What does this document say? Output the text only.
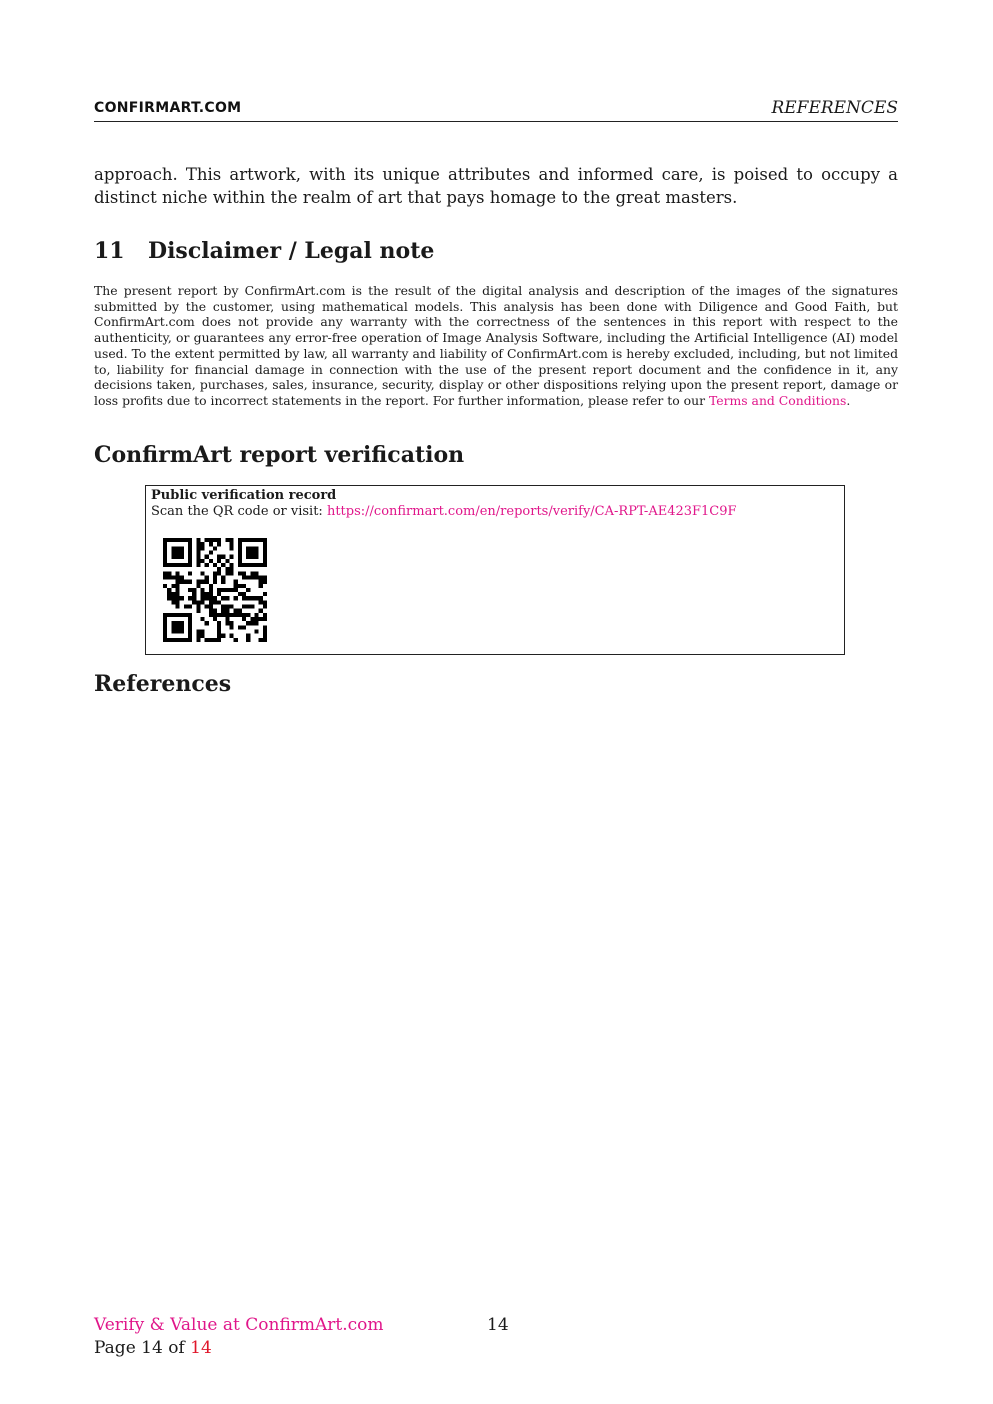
CONFIRMART.COM	REFERENCES
approach. This artwork, with its unique attributes and informed care, is poised to occupy a distinct niche within the realm of art that pays homage to the great masters.
11 Disclaimer / Legal note
The present report by ConfirmArt.com is the result of the digital analysis and description of the images of the signatures submitted by the customer, using mathematical models. This analysis has been done with Diligence and Good Faith, but ConfirmArt.com does not provide any warranty with the correctness of the sentences in this report with respect to the authenticity, or guarantees any error-free operation of Image Analysis Software, including the Artificial Intelligence (AI) model used. To the extent permitted by law, all warranty and liability of ConfirmArt.com is hereby excluded, including, but not limited to, liability for financial damage in connection with the use of the present report document and the confidence in it, any decisions taken, purchases, sales, insurance, security, display or other dispositions relying upon the present report, damage or loss profits due to incorrect statements in the report. For further information, please refer to our Terms and Conditions.
ConfirmArt report verification
Public verification record
Scan the QR code or visit: https://confirmart.com/en/reports/verify/CA-RPT-AE423F1C9F
References
Verify & Value at ConfirmArt.com	14
Page 14 of 14
